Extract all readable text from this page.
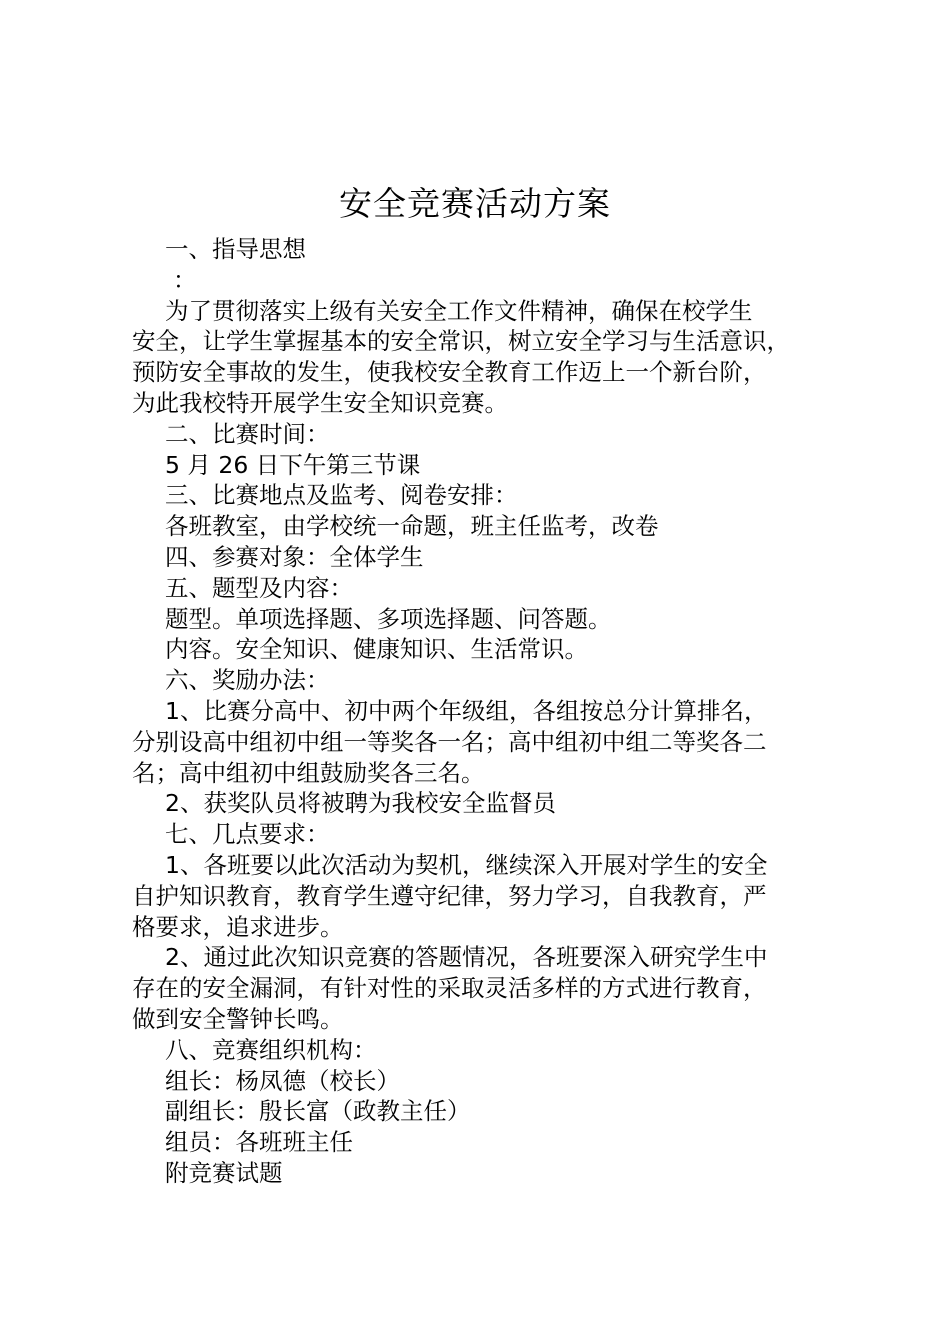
安全竞赛活动方案
一、指导思想
：
为了贯彻落实上级有关安全工作文件精神，确保在校学生
安全，让学生掌握基本的安全常识，树立安全学习与生活意识，
预防安全事故的发生，使我校安全教育工作迈上一个新台阶，
为此我校特开展学生安全知识竞赛。
二、比赛时间：
5 月 26 日下午第三节课
三、比赛地点及监考、阅卷安排：
各班教室，由学校统一命题，班主任监考，改卷
四、参赛对象：全体学生
五、题型及内容：
题型。单项选择题、多项选择题、问答题。
内容。安全知识、健康知识、生活常识。
六、奖励办法：
1、比赛分高中、初中两个年级组，各组按总分计算排名，
分别设高中组初中组一等奖各一名；高中组初中组二等奖各二
名；高中组初中组鼓励奖各三名。
2、获奖队员将被聘为我校安全监督员
七、几点要求：
1、各班要以此次活动为契机，继续深入开展对学生的安全
自护知识教育，教育学生遵守纪律，努力学习，自我教育，严
格要求，追求进步。
2、通过此次知识竞赛的答题情况，各班要深入研究学生中
存在的安全漏洞，有针对性的采取灵活多样的方式进行教育，
做到安全警钟长鸣。
八、竞赛组织机构：
组长：杨凤德（校长）
副组长：殷长富（政教主任）
组员：各班班主任
附竞赛试题
